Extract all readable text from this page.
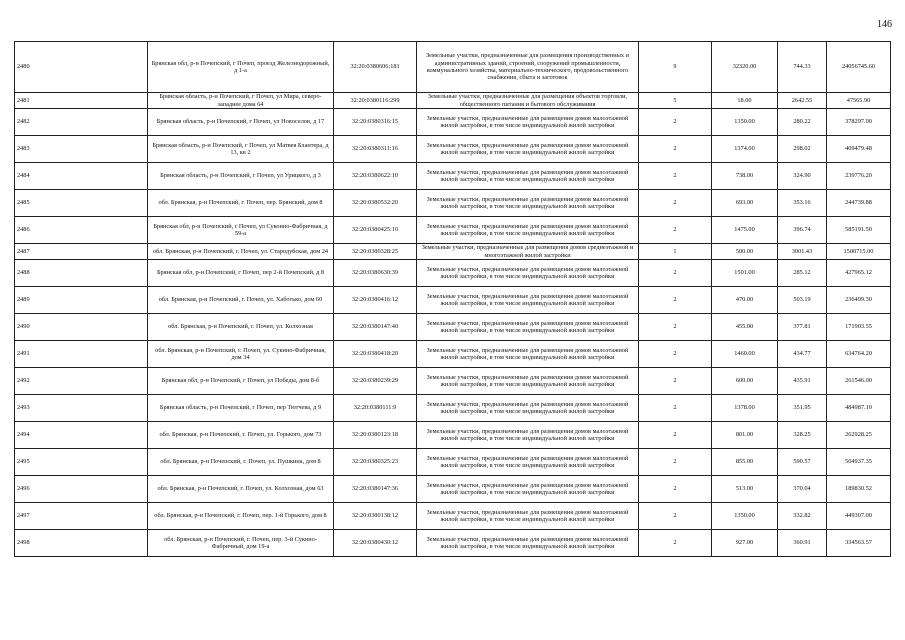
146
2480	Брянская обл, р-н Почепский, г Почеп, проезд Железнодорожный, д 1-а	32:20:0380606:181	Земельные участки, предназначенные для размещения производственных и административных зданий, строений, сооружений промышленности, коммунального хозяйства, материально-технического, продовольственного снабжения, сбыта и заготовок	9	32320.00	744.33	24056745.60
2481	Брянская область, р-н Почепский, г Почеп, ул Мира, северо-западнее дома 64	32:20:0380116:299	Земельные участки, предназначенные для размещения объектов торговли, общественного питания и бытового обслуживания	5	18.00	2642.55	47565.90
2482	Брянская область, р-н Почепский, г Почеп, ул Новоселов, д 17	32:20:0380316:15	Земельные участки, предназначенные для размещения домов малоэтажной жилой застройки, в том числе индивидуальной жилой застройки	2	1350.00	280.22	378297.00
2483	Брянская область, р-н Почепский, г Почеп, ул Матвея Блантера, д 13, кв 2	32:20:0380311:16	Земельные участки, предназначенные для размещения домов малоэтажной жилой застройки, в том числе индивидуальной жилой застройки	2	1374.00	298.02	409479.48
2484	Брянская область, р-н Почепский, г Почеп, ул Урицкого, д 3	32:20:0380622:10	Земельные участки, предназначенные для размещения домов малоэтажной жилой застройки, в том числе индивидуальной жилой застройки	2	738.00	324.90	239776.20
2485	обл. Брянская, р-н Почепский, г. Почеп, пер. Брянский, дом 8	32:20:0380532:20	Земельные участки, предназначенные для размещения домов малоэтажной жилой застройки, в том числе индивидуальной жилой застройки	2	693.00	353.16	244739.88
2486	Брянская обл, р-н Почепский, г Почеп, ул Суконно-Фабричная, д 59-а	32:20:0380425:10	Земельные участки, предназначенные для размещения домов малоэтажной жилой застройки, в том числе индивидуальной жилой застройки	2	1475.00	396.74	585191.50
2487	обл. Брянская, р-н Почепский, г. Почеп, ул. Стародубская, дом 24	32:20:0380328:25	Земельные участки, предназначенные для размещения домов среднеэтажной и многоэтажной жилой застройки	1	500.00	3001.43	1500715.00
2488	Брянская обл, р-н Почепский, г Почеп, пер 2-й Почепский, д 8	32:20:0380630:39	Земельные участки, предназначенные для размещения домов малоэтажной жилой застройки, в том числе индивидуальной жилой застройки	2	1501.00	285.12	427965.12
2489	обл. Брянская, р-н Почепский, г. Почеп, ул. Хаботько, дом 60	32:20:0380416:12	Земельные участки, предназначенные для размещения домов малоэтажной жилой застройки, в том числе индивидуальной жилой застройки	2	470.00	503.19	236499.30
2490	обл. Брянская, р-н Почепский, г. Почеп, ул. Колхозная	32:20:0380147:40	Земельные участки, предназначенные для размещения домов малоэтажной жилой застройки, в том числе индивидуальной жилой застройки	2	455.00	377.81	171903.55
2491	обл. Брянская, р-н Почепский, г. Почеп, ул. Сукнно-Фабричная, дом 34	32:20:0380418:20	Земельные участки, предназначенные для размещения домов малоэтажной жилой застройки, в том числе индивидуальной жилой застройки	2	1460.00	434.77	634764.20
2492	Брянская обл, р-н Почепский, г Почеп, ул Победы, дом 8-б	32:20:0380239:29	Земельные участки, предназначенные для размещения домов малоэтажной жилой застройки, в том числе индивидуальной жилой застройки	2	600.00	435.91	261546.00
2493	Брянская область, р-н Почепский, г Почеп, пер Тютчева, д 9	32:20:0380111:9	Земельные участки, предназначенные для размещения домов малоэтажной жилой застройки, в том числе индивидуальной жилой застройки	2	1378.00	351.95	484987.10
2494	обл. Брянская, р-н Почепский, г. Почеп, ул. Горького, дом 73	32:20:0380123:18	Земельные участки, предназначенные для размещения домов малоэтажной жилой застройки, в том числе индивидуальной жилой застройки	2	801.00	328.25	262928.25
2495	обл. Брянская, р-н Почепский, г. Почеп, ул. Пушкина, дом 8	32:20:0380325:23	Земельные участки, предназначенные для размещения домов малоэтажной жилой застройки, в том числе индивидуальной жилой застройки	2	855.00	590.57	504937.35
2496	обл. Брянская, р-н Почепский, г. Почеп, ул. Колхозная, дом 63	32:20:0380147:36	Земельные участки, предназначенные для размещения домов малоэтажной жилой застройки, в том числе индивидуальной жилой застройки	2	513.00	370.04	189830.52
2497	обл. Брянская, р-н Почепский, г. Почеп, пер. 1-й Горького, дом 8	32:20:0380138:12	Земельные участки, предназначенные для размещения домов малоэтажной жилой застройки, в том числе индивидуальной жилой застройки	2	1350.00	332.82	449307.00
2498	обл. Брянская, р-н Почепский, г. Почеп, пер. 3-й Сукнно-Фабричный, дом 19-а	32:20:0380430:12	Земельные участки, предназначенные для размещения домов малоэтажной жилой застройки, в том числе индивидуальной жилой застройки	2	927.00	360.91	334563.57
